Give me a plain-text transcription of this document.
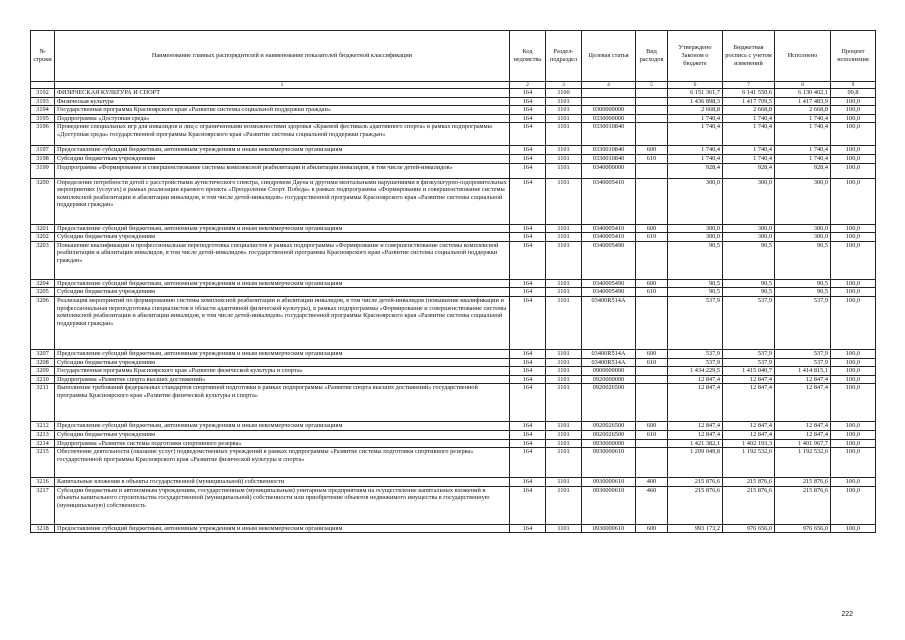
№ строки	Наименование главных распорядителей и наименование показателей бюджетной классификации	Код ведомства	Раздел-подраздел	Целевая статья	Вид расходов	Утверждено Законом о бюджете	Бюджетная роспись с учетом изменений	Исполнено	Процент исполнения
	1	2	3	4	5	6	7	8	9
3192	ФИЗИЧЕСКАЯ КУЛЬТУРА И СПОРТ	164	1100			6 151 361,7	6 141 550,6	6 130 402,1	99,8
3193	Физическая культура	164	1101			1 436 898,3	1 417 709,5	1 417 483,9	100,0
3194	Государственная программа Красноярского края «Развитие системы социальной поддержки граждан»	164	1101	0300000000		2 668,8	2 668,8	2 668,8	100,0
3195	Подпрограмма «Доступная среда»	164	1101	0330000000		1 740,4	1 740,4	1 740,4	100,0
3196	Проведение специальных игр для инвалидов и лиц с ограниченными возможностями здоровья «Краевой фестиваль адаптивного спорта» в рамках подпрограммы «Доступная среда» государственной программы Красноярского края «Развитие системы социальной поддержки граждан»	164	1101	0330010840		1 740,4	1 740,4	1 740,4	100,0
3197	Предоставление субсидий бюджетным, автономным учреждениям и иным некоммерческим организациям	164	1101	0330010840	600	1 740,4	1 740,4	1 740,4	100,0
3198	Субсидии бюджетным учреждениям	164	1101	0330010840	610	1 740,4	1 740,4	1 740,4	100,0
3199	Подпрограмма «Формирование и совершенствование системы комплексной реабилитации и абилитации инвалидов, в том числе детей-инвалидов»	164	1101	0340000000		928,4	928,4	928,4	100,0
3200	Определение потребности детей с расстройствами аутистического спектра, синдромом Дауна и другими ментальными нарушениями в физкультурно-оздоровительных мероприятиях (услугах) в рамках реализации краевого проекта «Преодоление Спорт. Победа» в рамках подпрограммы «Формирование и совершенствование системы комплексной реабилитации и абилитации инвалидов, в том числе детей-инвалидов» государственной программы Красноярского края «Развитие системы социальной поддержки граждан»	164	1101	0340005410		300,0	300,0	300,0	100,0
3201	Предоставление субсидий бюджетным, автономным учреждениям и иным некоммерческим организациям	164	1101	0340005410	600	300,0	300,0	300,0	100,0
3202	Субсидии бюджетным учреждениям	164	1101	0340005410	610	300,0	300,0	300,0	100,0
3203	Повышение квалификации и профессиональная переподготовка специалистов в рамках подпрограммы «Формирование и совершенствование системы комплексной реабилитации и абилитации инвалидов, в том числе детей-инвалидов» государственной программы Красноярского края «Развитие системы социальной поддержки граждан»	164	1101	0340005490		90,5	90,5	90,5	100,0
3204	Предоставление субсидий бюджетным, автономным учреждениям и иным некоммерческим организациям	164	1101	0340005490	600	90,5	90,5	90,5	100,0
3205	Субсидии бюджетным учреждениям	164	1101	0340005490	610	90,5	90,5	90,5	100,0
3206	Реализация мероприятий по формированию системы комплексной реабилитации и абилитации инвалидов, в том числе детей-инвалидов (повышение квалификации и профессиональная переподготовка специалистов в области адаптивной физической культуры), в рамках подпрограммы «Формирование и совершенствование системы комплексной реабилитации и абилитации инвалидов, в том числе детей-инвалидов» государственной программы Красноярского края «Развитие системы социальной поддержки граждан»	164	1101	03400R514A		537,9	537,9	537,9	100,0
3207	Предоставление субсидий бюджетным, автономным учреждениям и иным некоммерческим организациям	164	1101	03400R514A	600	537,9	537,9	537,9	100,0
3208	Субсидии бюджетным учреждениям	164	1101	03400R514A	610	537,9	537,9	537,9	100,0
3209	Государственная программа Красноярского края «Развитие физической культуры и спорта»	164	1101	0900000000		1 434 229,5	1 415 040,7	1 414 815,1	100,0
3210	Подпрограмма «Развитие спорта высших достижений»	164	1101	0920000000		12 847,4	12 847,4	12 847,4	100,0
3211	Выполнение требований федеральных стандартов спортивной подготовки в рамках подпрограммы «Развитие спорта высших достижений» государственной программы Красноярского края «Развитие физической культуры и спорта»	164	1101	0920026500		12 847,4	12 847,4	12 847,4	100,0
3212	Предоставление субсидий бюджетным, автономным учреждениям и иным некоммерческим организациям	164	1101	0920026500	600	12 847,4	12 847,4	12 847,4	100,0
3213	Субсидии бюджетным учреждениям	164	1101	0920026500	610	12 847,4	12 847,4	12 847,4	100,0
3214	Подпрограмма «Развитие системы подготовки спортивного резерва»	164	1101	0930000000		1 421 382,1	1 402 193,3	1 401 967,7	100,0
3215	Обеспечение деятельности (оказание услуг) подведомственных учреждений в рамках подпрограммы «Развитие системы подготовки спортивного резерва» государственной программы Красноярского края «Развитие физической культуры и спорта»	164	1101	0930000610		1 209 049,8	1 192 532,6	1 192 532,6	100,0
3216	Капитальные вложения в объекты государственной (муниципальной) собственности	164	1101	0930000610	400	215 876,6	215 876,6	215 876,6	100,0
3217	Субсидии бюджетным и автономным учреждениям, государственным (муниципальным) унитарным предприятиям на осуществление капитальных вложений в объекты капитального строительства государственной (муниципальной) собственности или приобретение объектов недвижимого имущества в государственную (муниципальную) собственность	164	1101	0930000610	460	215 876,6	215 876,6	215 876,6	100,0
3218	Предоставление субсидий бюджетным, автономным учреждениям и иным некоммерческим организациям	164	1101	0930000610	600	993 173,2	976 656,0	976 656,0	100,0
222
